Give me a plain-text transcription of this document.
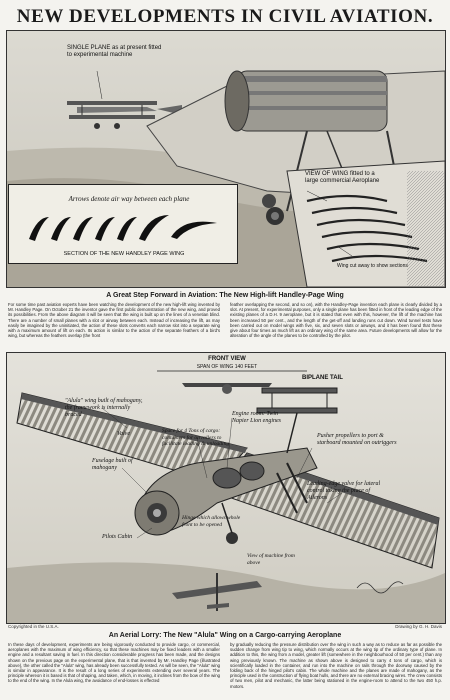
NEW DEVELOPMENTS IN CIVIL AVIATION.
SINGLE PLANE as at present fitted to experimental machine
VIEW OF WING fitted to a large commercial Aeroplane
Wing cut away to show sections
Arrows denote air way between each plane
SECTION OF THE NEW HANDLEY PAGE WING
A Great Step Forward in Aviation: The New High-lift Handley-Page Wing
For some time past aviation experts have been watching the development of the new high-lift wing invented by Mr. Handley Page. On October 21 the inventor gave the first public demonstration of the new wing, and proved its possibilities. From the above diagram it will be seen that the wing is built up on the lines of a venetian blind. There are a number of small planes with a slot or airway between each. Instead of increasing the lift, as may easily be imagined by the uninitiated, the action of these slots converts each narrow slot into a separate wing with a maximum amount of lift on each. Its action is similar to the action of the separate feathers of a bird's wing, but whereas the feathers overlap (the front
feather overlapping the second, and so on), with the Handley-Page invention each plane is clearly divided by a slot. At present, for experimental purposes, only a single plane has been fitted in front of the leading edge of the existing planes of a D.H. 9 aeroplane, but it is stated that even with this, however, the lift of the machine has been increased 50 per cent., and the length of the get-off and landing runs cut down. Wind tunnel tests have been carried out on model wings with five, six, and seven slots or airways, and it has been found that these give about four times as much lift as an ordinary wing of the same area. Future developments will allow for the alteration of the angle of the planes to be controlled by the pilot.
FRONT VIEW
SPAN OF WING 140 FEET
BIPLANE TAIL
"Alula" wing built of mahogany, the framework is internally braced	Engine room: Twin Napier Lion engines
Space for 4 Tons of cargo: containers for on rollers to facilitate loading & unloading
Valve	Pusher propellers to port & starboard mounted on outriggers
Fuselage built of mahogany
Leading-edge valve for lateral control taking the place of Ailerons
Pilots Cabin
Hinge which allows whole front to be opened
View of machine from above
Copyrighted in the U.S.A.	Drawing by G. H. Davis
An Aerial Lorry: The New "Alula" Wing on a Cargo-carrying Aeroplane
In these days of development, experiments are being vigorously conducted to provide cargo, or commercial, aeroplanes with the maximum of wing efficiency, so that these machines may be fixed leaders with a smaller engine and a resultant saving in fuel. In this direction considerable progress has been made, and the designs shown on the previous page on the experimental plane, that is that invented by Mr. Handley Page (illustrated above), the other called the "Alula" wing, has already been successfully tested. As will be seen, the "Alula" wing is similar in appearance. It is the result of a long series of experiments extending over several years. The principle whereon it is based is that of shaping, and taken, which, in moving, it inclines from the bow of the wing to the end of the wing. In the Alula wing, the avoidance of end-losses is effected
by gradually reducing the pressure distribution over the wing in such a way as to reduce as far as possible the sudden change from wing tip to wing, which normally occurs at the wing tip of the ordinary type of plane. In addition to this, the wing from a model, greater lift (somewhere in the neighbourhood of 50 per cent.) than any wing previously known. The machine as shown above is designed to carry 4 tons of cargo, which is scientifically loaded in the container, and run into the machine on rails through the doorway caused by the folding back of the hinged pilot's cabin. The whole machine and the planes are made of mahogany, as the principle used in the construction of flying boat hulls, and there are no external bracing wires. The crew consists of two men, pilot and mechanic, the latter being stationed in the engine-room to attend to the two 450 h.p. motors.
